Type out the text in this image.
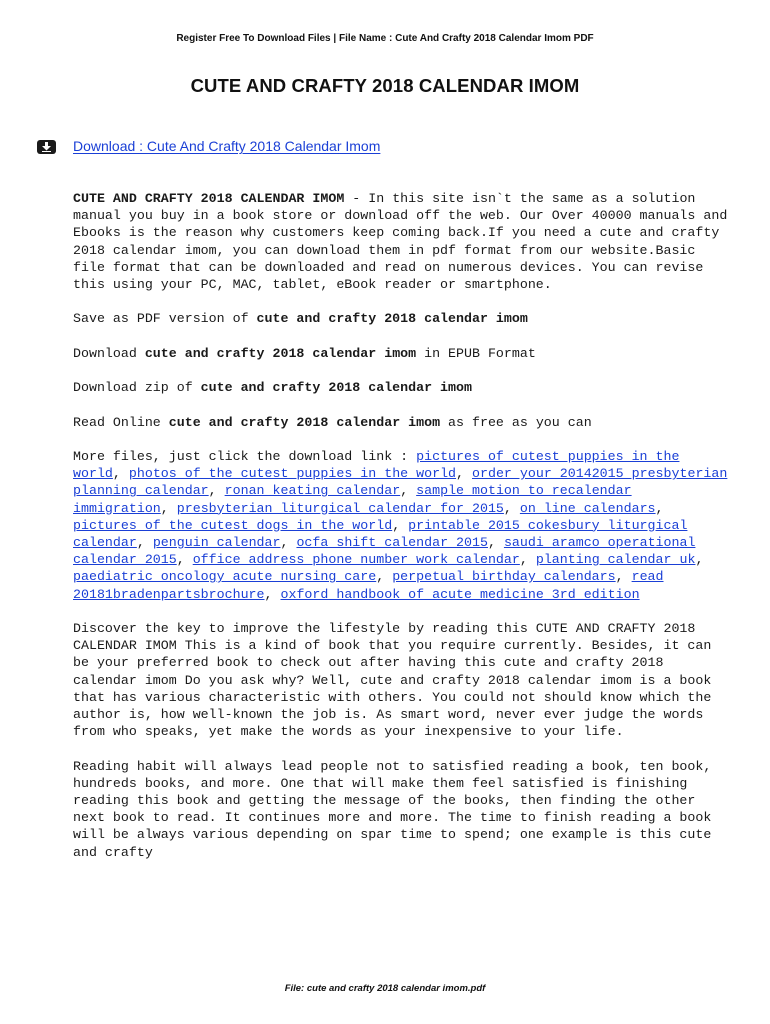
Register Free To Download Files | File Name : Cute And Crafty 2018 Calendar Imom PDF
CUTE AND CRAFTY 2018 CALENDAR IMOM
Download : Cute And Crafty 2018 Calendar Imom

CUTE AND CRAFTY 2018 CALENDAR IMOM - In this site isn`t the same as a solution manual you buy in a book store or download off the web. Our Over 40000 manuals and Ebooks is the reason why customers keep coming back.If you need a cute and crafty 2018 calendar imom, you can download them in pdf format from our website.Basic file format that can be downloaded and read on numerous devices. You can revise this using your PC, MAC, tablet, eBook reader or smartphone.

Save as PDF version of cute and crafty 2018 calendar imom

Download cute and crafty 2018 calendar imom in EPUB Format

Download zip of cute and crafty 2018 calendar imom

Read Online cute and crafty 2018 calendar imom as free as you can

More files, just click the download link : pictures of cutest puppies in the world, photos of the cutest puppies in the world, order your 20142015 presbyterian planning calendar, ronan keating calendar, sample motion to recalendar immigration, presbyterian liturgical calendar for 2015, on line calendars, pictures of the cutest dogs in the world, printable 2015 cokesbury liturgical calendar, penguin calendar, ocfa shift calendar 2015, saudi aramco operational calendar 2015, office address phone number work calendar, planting calendar uk, paediatric oncology acute nursing care, perpetual birthday calendars, read 20181bradenpartsbrochure, oxford handbook of acute medicine 3rd edition

Discover the key to improve the lifestyle by reading this CUTE AND CRAFTY 2018 CALENDAR IMOM This is a kind of book that you require currently. Besides, it can be your preferred book to check out after having this cute and crafty 2018 calendar imom Do you ask why? Well, cute and crafty 2018 calendar imom is a book that has various characteristic with others. You could not should know which the author is, how well-known the job is. As smart word, never ever judge the words from who speaks, yet make the words as your inexpensive to your life.

Reading habit will always lead people not to satisfied reading a book, ten book, hundreds books, and more. One that will make them feel satisfied is finishing reading this book and getting the message of the books, then finding the other next book to read. It continues more and more. The time to finish reading a book will be always various depending on spar time to spend; one example is this cute and crafty

File: cute and crafty 2018 calendar imom.pdf
